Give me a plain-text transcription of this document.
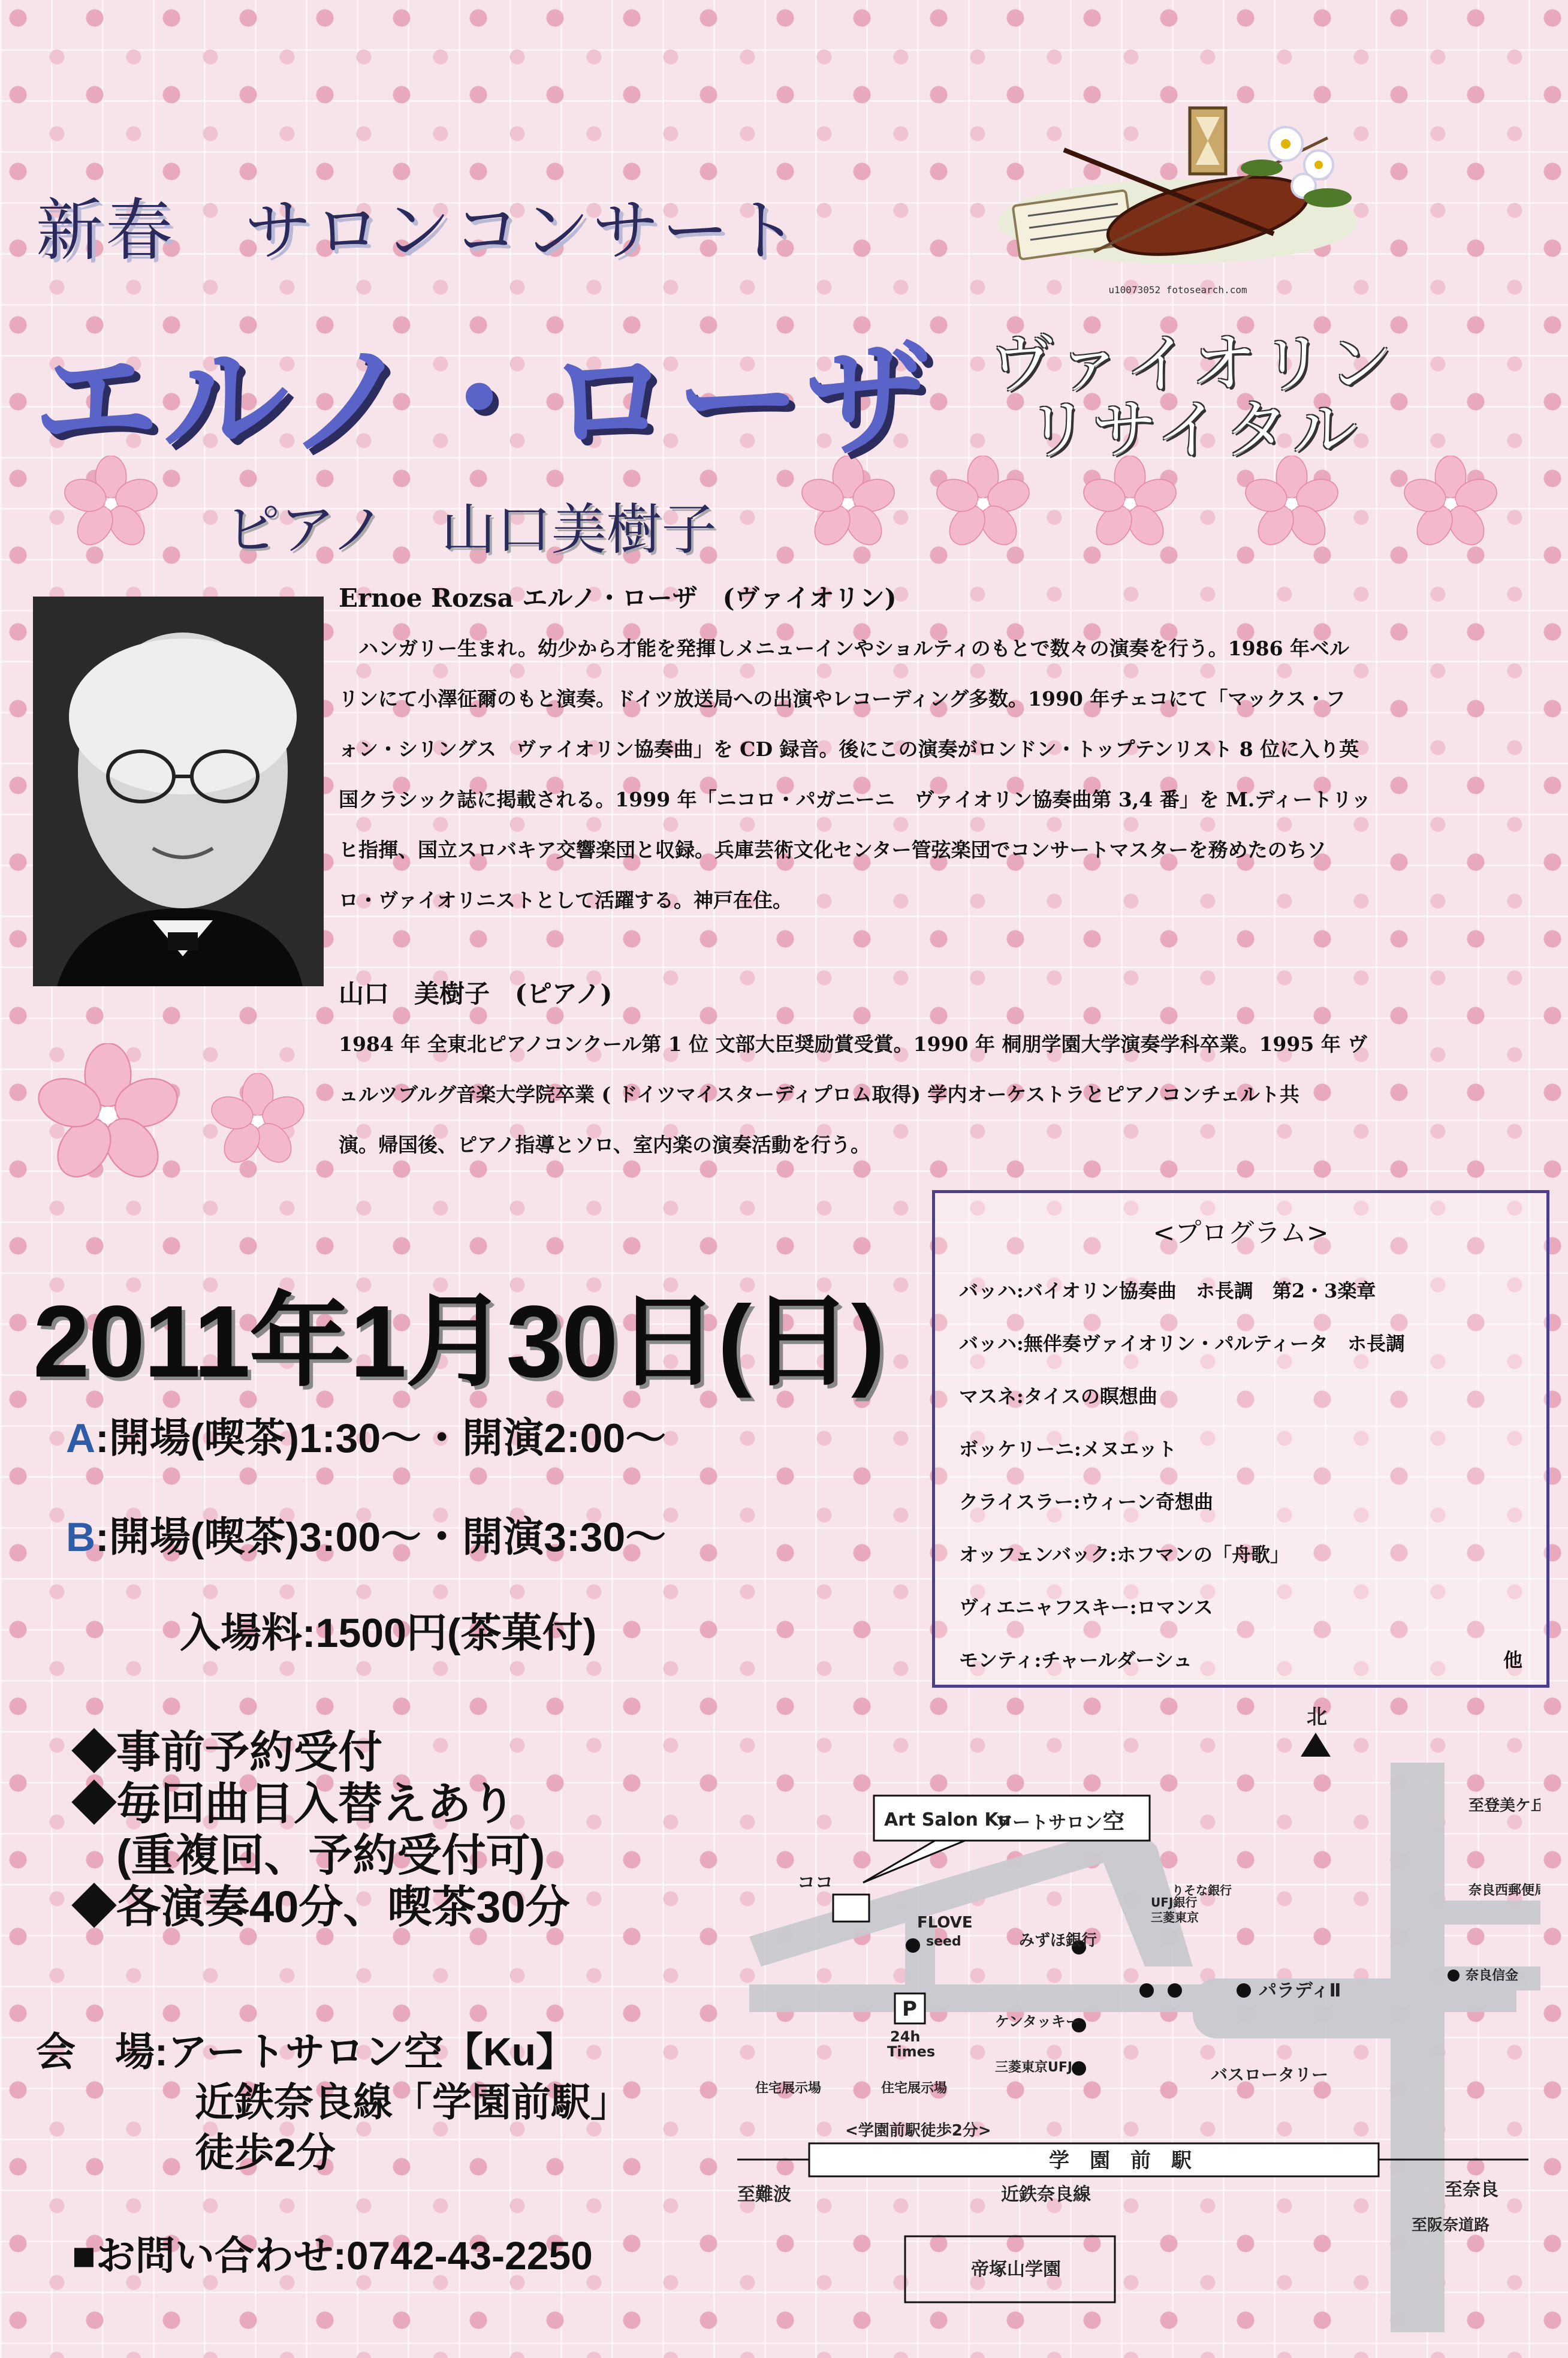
新春　サロンコンサート
エルノ・ローザ ヴァイオリン
リサイタル
ピアノ　山口美樹子
u10073052 fotosearch.com
Ernoe Rozsa エルノ・ローザ　(ヴァイオリン)
　ハンガリー生まれ。幼少から才能を発揮しメニューインやショルティのもとで数々の演奏を行う。1986 年ベル
リンにて小澤征爾のもと演奏。ドイツ放送局への出演やレコーディング多数。1990 年チェコにて「マックス・フ
ォン・シリングス　ヴァイオリン協奏曲」を CD 録音。後にこの演奏がロンドン・トップテンリスト 8 位に入り英
国クラシック誌に掲載される。1999 年「ニコロ・パガニーニ　ヴァイオリン協奏曲第 3,4 番」を M.ディートリッ
ヒ指揮、国立スロバキア交響楽団と収録。兵庫芸術文化センター管弦楽団でコンサートマスターを務めたのちソ
ロ・ヴァイオリニストとして活躍する。神戸在住。
山口　美樹子　(ピアノ)
1984 年 全東北ピアノコンクール第 1 位 文部大臣奨励賞受賞。1990 年 桐朋学園大学演奏学科卒業。1995 年 ヴ
ュルツブルグ音楽大学院卒業 ( ドイツマイスターディプロム取得) 学内オーケストラとピアノコンチェルト共
演。帰国後、ピアノ指導とソロ、室内楽の演奏活動を行う。
2011年1月30日(日)
A:開場(喫茶)1:30〜・開演2:00〜
B:開場(喫茶)3:00〜・開演3:30〜
入場料:1500円(茶菓付)
◆事前予約受付
◆毎回曲目入替えあり
　(重複回、予約受付可)
◆各演奏40分、喫茶30分
会　場:アートサロン空【Ku】
近鉄奈良線「学園前駅」
徒歩2分
■お問い合わせ:0742-43-2250
<プログラム>
バッハ:バイオリン協奏曲　ホ長調　第2・3楽章
バッハ:無伴奏ヴァイオリン・パルティータ　ホ長調
マスネ:タイスの瞑想曲
ボッケリーニ:メヌエット
クライスラー:ウィーン奇想曲
オッフェンバック:ホフマンの「舟歌」
ヴィエニャフスキー:ロマンス
モンティ:チャールダーシュ	他
北
Art Salon Ku
アートサロン 空
ココ
FLOVE
seed	みずほ銀行
UFJ銀行
りそな銀行
三菱東京
パラディⅡ
ケンタッキー
P
24h
Times
三菱東京UFJ
住宅展示場	住宅展示場
バスロータリー
<学園前駅徒歩2分>
学　園　前　駅
近鉄奈良線
至難波	至奈良
至登美ケ丘
奈良西郵便局
奈良信金
至阪奈道路
帝塚山学園
